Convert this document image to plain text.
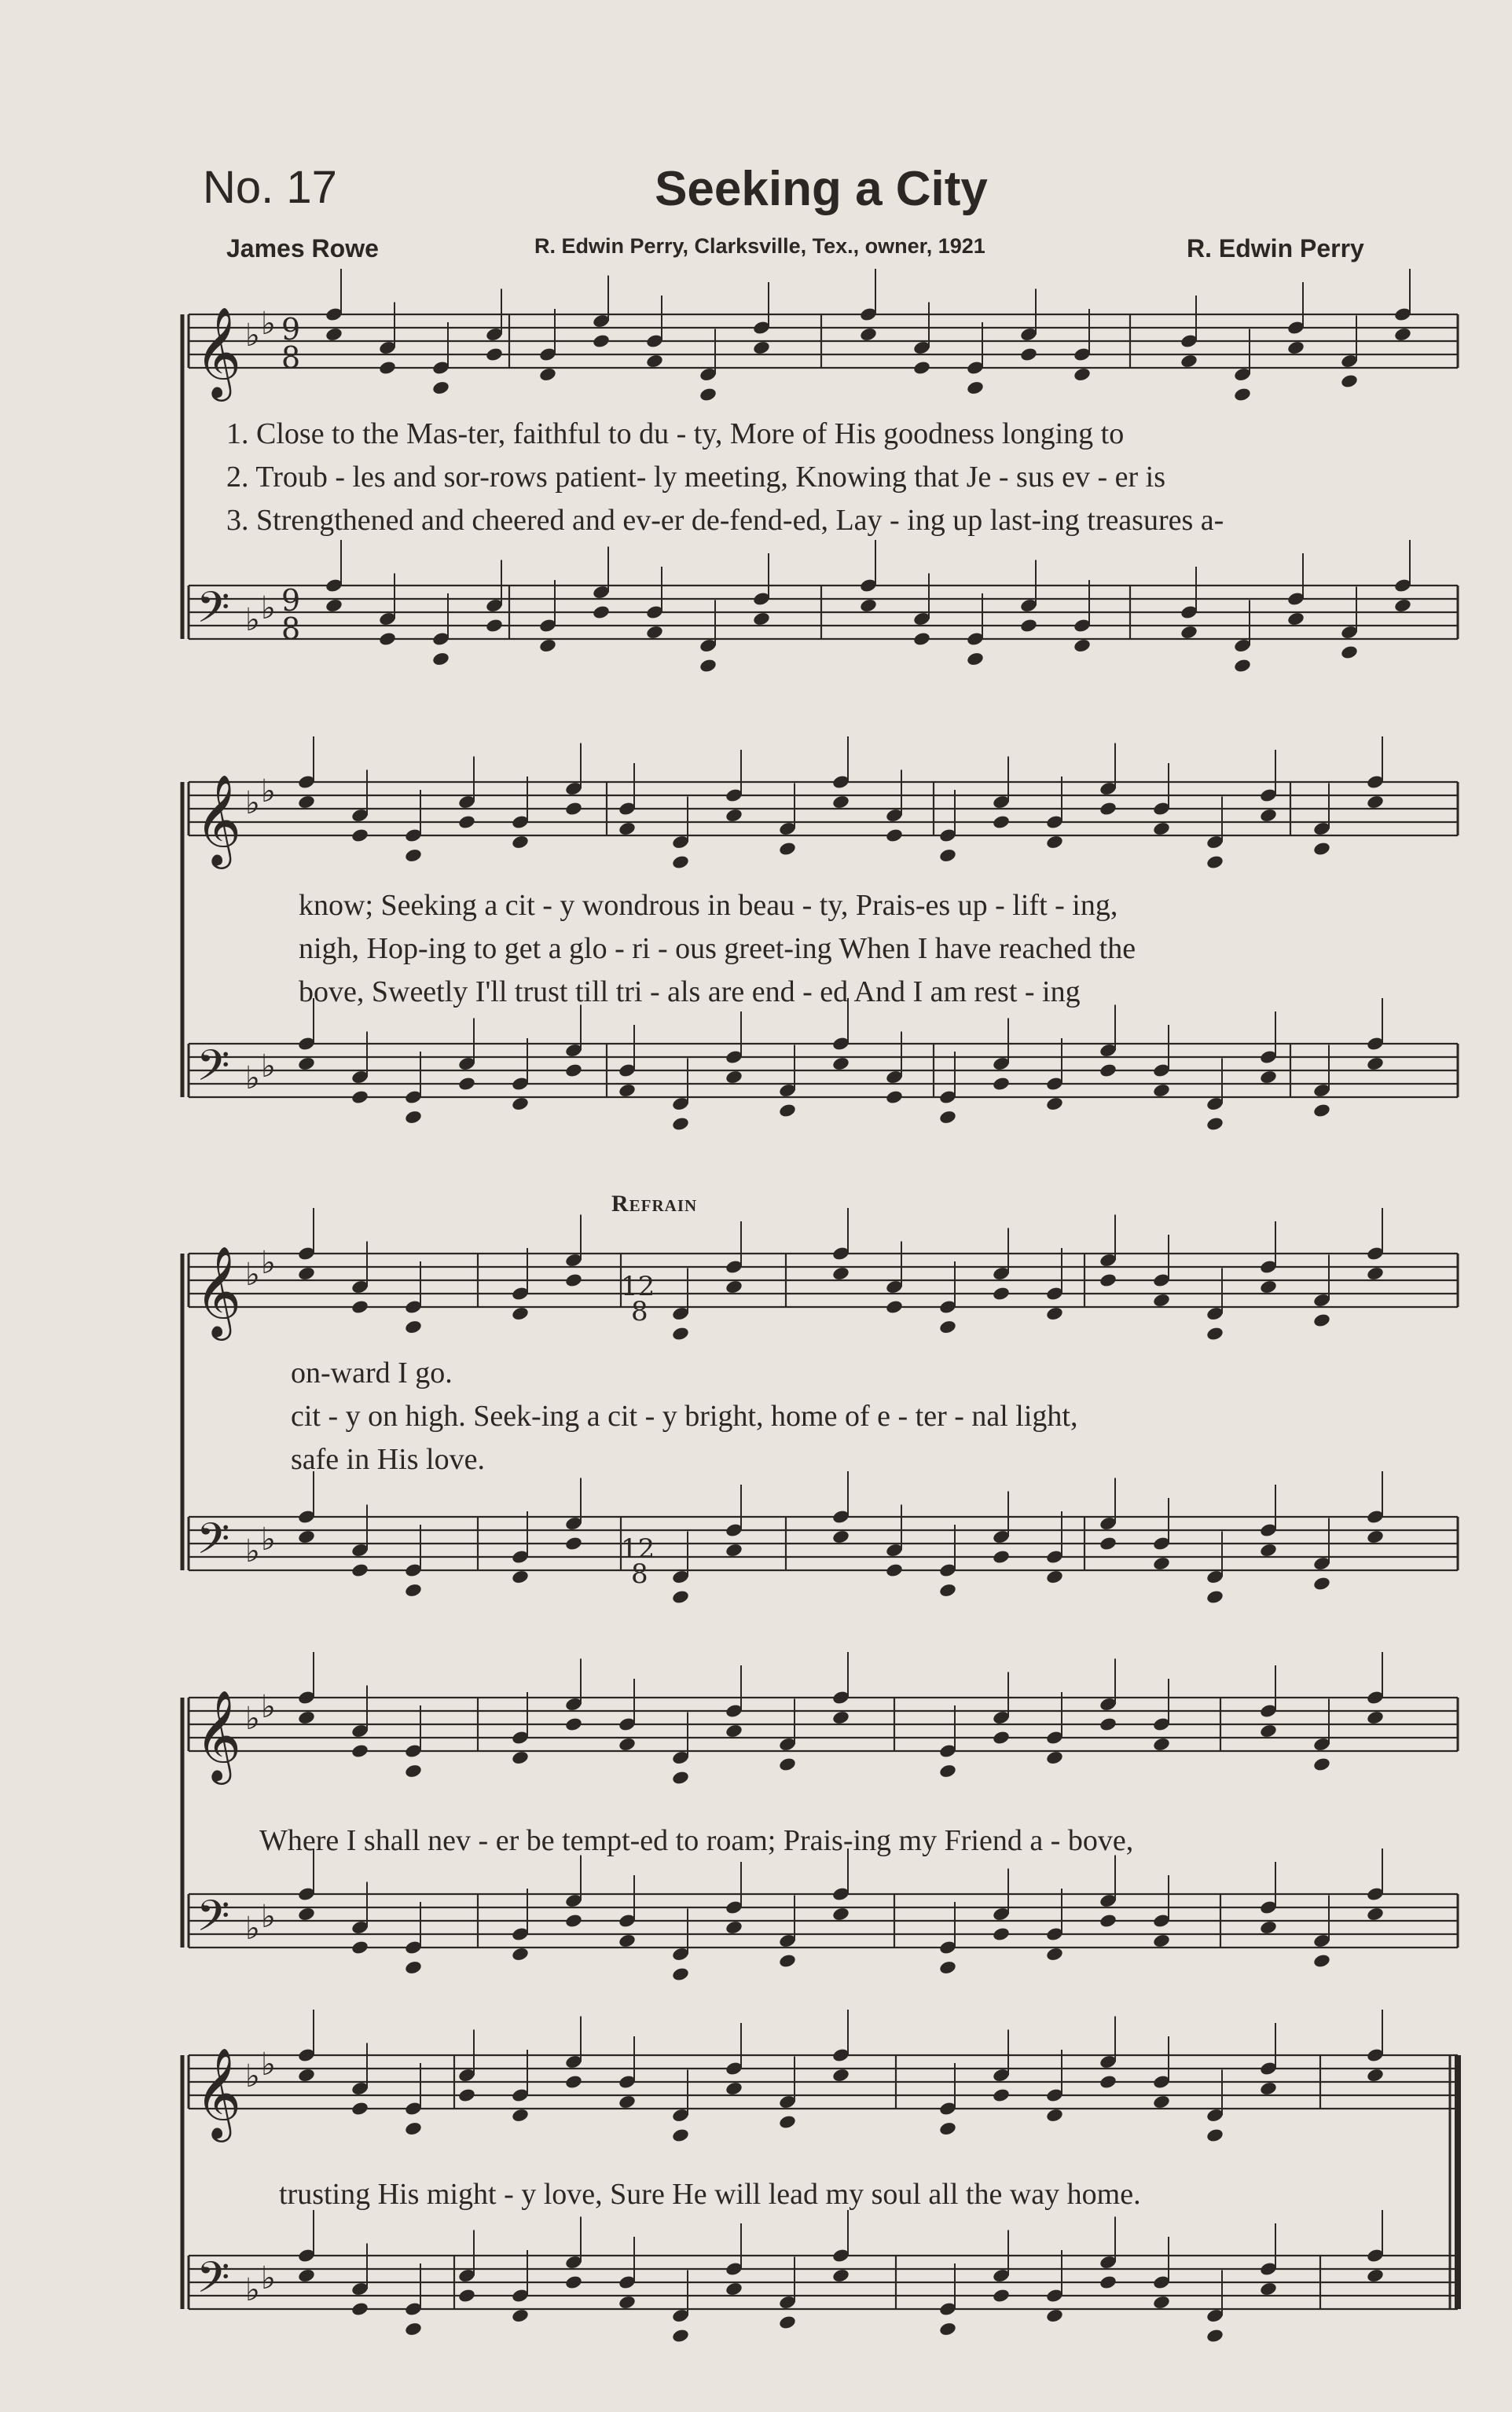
No. 17	Seeking a City
James Rowe	R. Edwin Perry, Clarksville, Tex., owner, 1921	R. Edwin Perry
𝄞 ♭ ♭ 9
8
𝄢 ♭ ♭ 9
8
𝄞 ♭ ♭
𝄢 ♭ ♭
𝄞 ♭ ♭
𝄢 ♭ ♭
𝄞 ♭ ♭
𝄢 ♭ ♭
𝄞 ♭ ♭
𝄢 ♭ ♭
12
8
12
8
1. Close to the Mas-ter, faithful to du - ty, More of His goodness longing to
2. Troub - les and sor-rows patient- ly meeting, Knowing that Je - sus ev - er is
3. Strengthened and cheered and ev-er de-fend-ed, Lay - ing up last-ing treasures a-
know; Seeking a cit - y wondrous in beau - ty, Prais-es up - lift - ing,
nigh, Hop-ing to get a glo - ri - ous greet-ing When I have reached the
bove, Sweetly I'll trust till tri - als are end - ed And I am rest - ing
Refrain
on-ward I go.
cit - y on high. Seek-ing a cit - y bright, home of e - ter - nal light,
safe in His love.
Where I shall nev - er be tempt-ed to roam; Prais-ing my Friend a - bove,
trusting His might - y love, Sure He will lead my soul all the way home.
